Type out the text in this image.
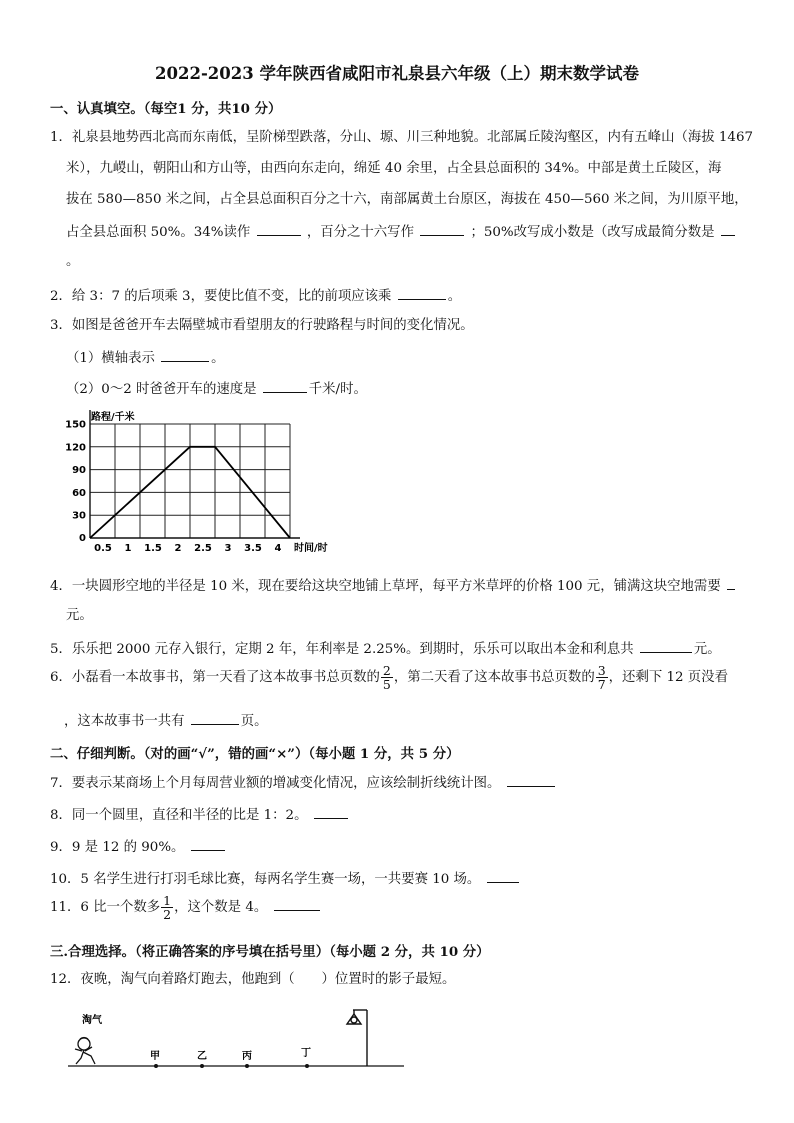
2022-2023 学年陕西省咸阳市礼泉县六年级（上）期末数学试卷
一、认真填空。（每空1 分，共10 分）
1．礼泉县地势西北高而东南低，呈阶梯型跌落，分山、塬、川三种地貌。北部属丘陵沟壑区，内有五峰山（海拔 1467
米），九嵕山，朝阳山和方山等，由西向东走向，绵延 40 余里，占全县总面积的 34%。中部是黄土丘陵区，海
拔在 580—850 米之间，占全县总面积百分之十六，南部属黄土台原区，海拔在 450—560 米之间，为川原平地，
占全县总面积 50%。34%读作	，百分之十六写作	；50%改写成小数是（改写成最简分数是
。
2．给 3：7 的后项乘 3，要使比值不变，比的前项应该乘	。
3．如图是爸爸开车去隔壁城市看望朋友的行驶路程与时间的变化情况。
（1）横轴表示	。
（2）0～2 时爸爸开车的速度是	千米/时。
30
60
90
120
150
0
0.5 1 1.5 2 2.5 3 3.5 4
路程/千米
时间/时
4．一块圆形空地的半径是 10 米，现在要给这块空地铺上草坪，每平方米草坪的价格 100 元，铺满这块空地需要
元。
5．乐乐把 2000 元存入银行，定期 2 年，年利率是 2.25%。到期时，乐乐可以取出本金和利息共	元。
6．小磊看一本故事书，第一天看了这本故事书总页数的 $\frac{2}{5}$ ，第二天看了这本故事书总页数的 $\frac{3}{7}$ ，还剩下 12 页没看
，这本故事书一共有	页。
二、仔细判断。（对的画“√”，错的画“×”）（每小题 1 分，共 5 分）
7．要表示某商场上个月每周营业额的增减变化情况，应该绘制折线统计图。
8．同一个圆里，直径和半径的比是 1：2。
9．9 是 12 的 90%。
10．5 名学生进行打羽毛球比赛，每两名学生赛一场，一共要赛 10 场。
11．6 比一个数多 $\frac{1}{2}$ ，这个数是 4。
三.合理选择。（将正确答案的序号填在括号里）（每小题 2 分，共 10 分）
12．夜晚，淘气向着路灯跑去，他跑到（　　）位置时的影子最短。
淘气
甲	乙	丙	丁
